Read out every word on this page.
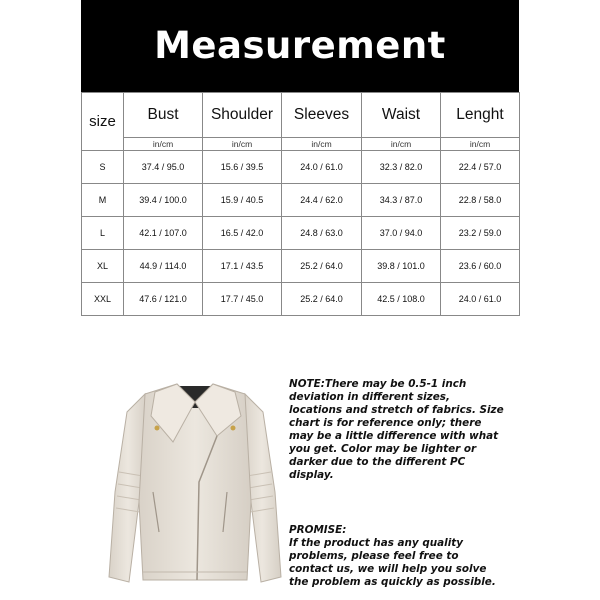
Measurement
size	Bust	Shoulder	Sleeves	Waist	Lenght
	in/cm	in/cm	in/cm	in/cm	in/cm
S	37.4 / 95.0	15.6 / 39.5	24.0 / 61.0	32.3 / 82.0	22.4 / 57.0
M	39.4 / 100.0	15.9 / 40.5	24.4 / 62.0	34.3 / 87.0	22.8 / 58.0
L	42.1 / 107.0	16.5 / 42.0	24.8 / 63.0	37.0 / 94.0	23.2 / 59.0
XL	44.9 / 114.0	17.1 / 43.5	25.2 / 64.0	39.8 / 101.0	23.6 / 60.0
XXL	47.6 / 121.0	17.7 / 45.0	25.2 / 64.0	42.5 / 108.0	24.0 / 61.0
NOTE:There may be 0.5-1 inch deviation in different sizes, locations and stretch of fabrics. Size chart is for reference only; there may be a little difference with what you get. Color may be lighter or darker due to the different PC display.
PROMISE:
If the product has any quality problems, please feel free to contact us, we will help you solve the problem as quickly as possible.
